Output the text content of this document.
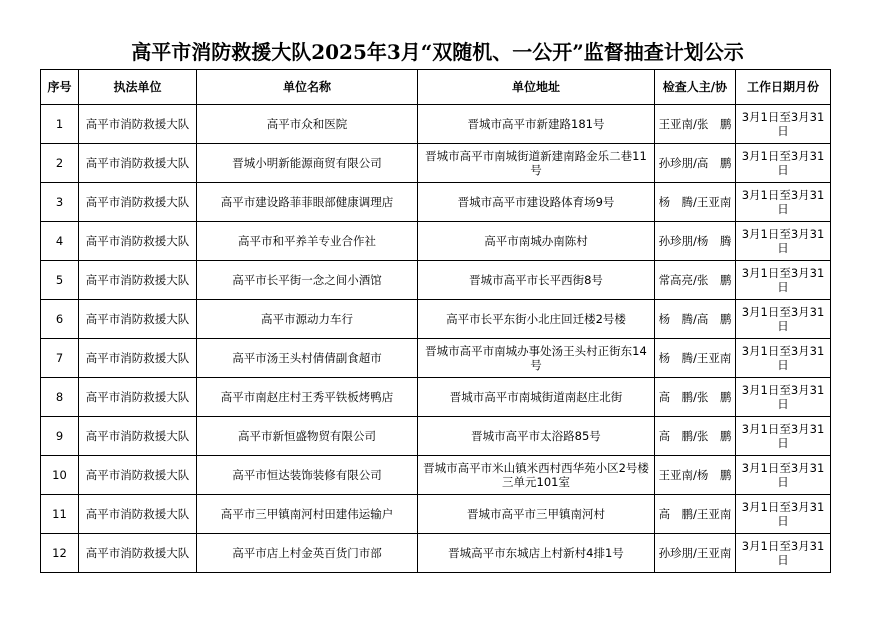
高平市消防救援大队2025年3月“双随机、一公开”监督抽查计划公示
序号	执法单位	单位名称	单位地址	检查人主/协	工作日期月份
1	高平市消防救援大队	高平市众和医院	晋城市高平市新建路181号	王亚南/张　鹏	3月1日至3月31日
2	高平市消防救援大队	晋城小明新能源商贸有限公司	晋城市高平市南城街道新建南路金乐二巷11号	孙珍朋/高　鹏	3月1日至3月31日
3	高平市消防救援大队	高平市建设路菲菲眼部健康调理店	晋城市高平市建设路体育场9号	杨　腾/王亚南	3月1日至3月31日
4	高平市消防救援大队	高平市和平养羊专业合作社	高平市南城办南陈村	孙珍朋/杨　腾	3月1日至3月31日
5	高平市消防救援大队	高平市长平街一念之间小酒馆	晋城市高平市长平西街8号	常高亮/张　鹏	3月1日至3月31日
6	高平市消防救援大队	高平市源动力车行	高平市长平东街小北庄回迁楼2号楼	杨　腾/高　鹏	3月1日至3月31日
7	高平市消防救援大队	高平市汤王头村倩倩副食超市	晋城市高平市南城办事处汤王头村正街东14号	杨　腾/王亚南	3月1日至3月31日
8	高平市消防救援大队	高平市南赵庄村王秀平铁板烤鸭店	晋城市高平市南城街道南赵庄北街	高　鹏/张　鹏	3月1日至3月31日
9	高平市消防救援大队	高平市新恒盛物贸有限公司	晋城市高平市太浴路85号	高　鹏/张　鹏	3月1日至3月31日
10	高平市消防救援大队	高平市恒达装饰装修有限公司	晋城市高平市米山镇米西村西华苑小区2号楼三单元101室	王亚南/杨　鹏	3月1日至3月31日
11	高平市消防救援大队	高平市三甲镇南河村田建伟运输户	晋城市高平市三甲镇南河村	高　鹏/王亚南	3月1日至3月31日
12	高平市消防救援大队	高平市店上村金英百货门市部	晋城高平市东城店上村新村4排1号	孙珍朋/王亚南	3月1日至3月31日
